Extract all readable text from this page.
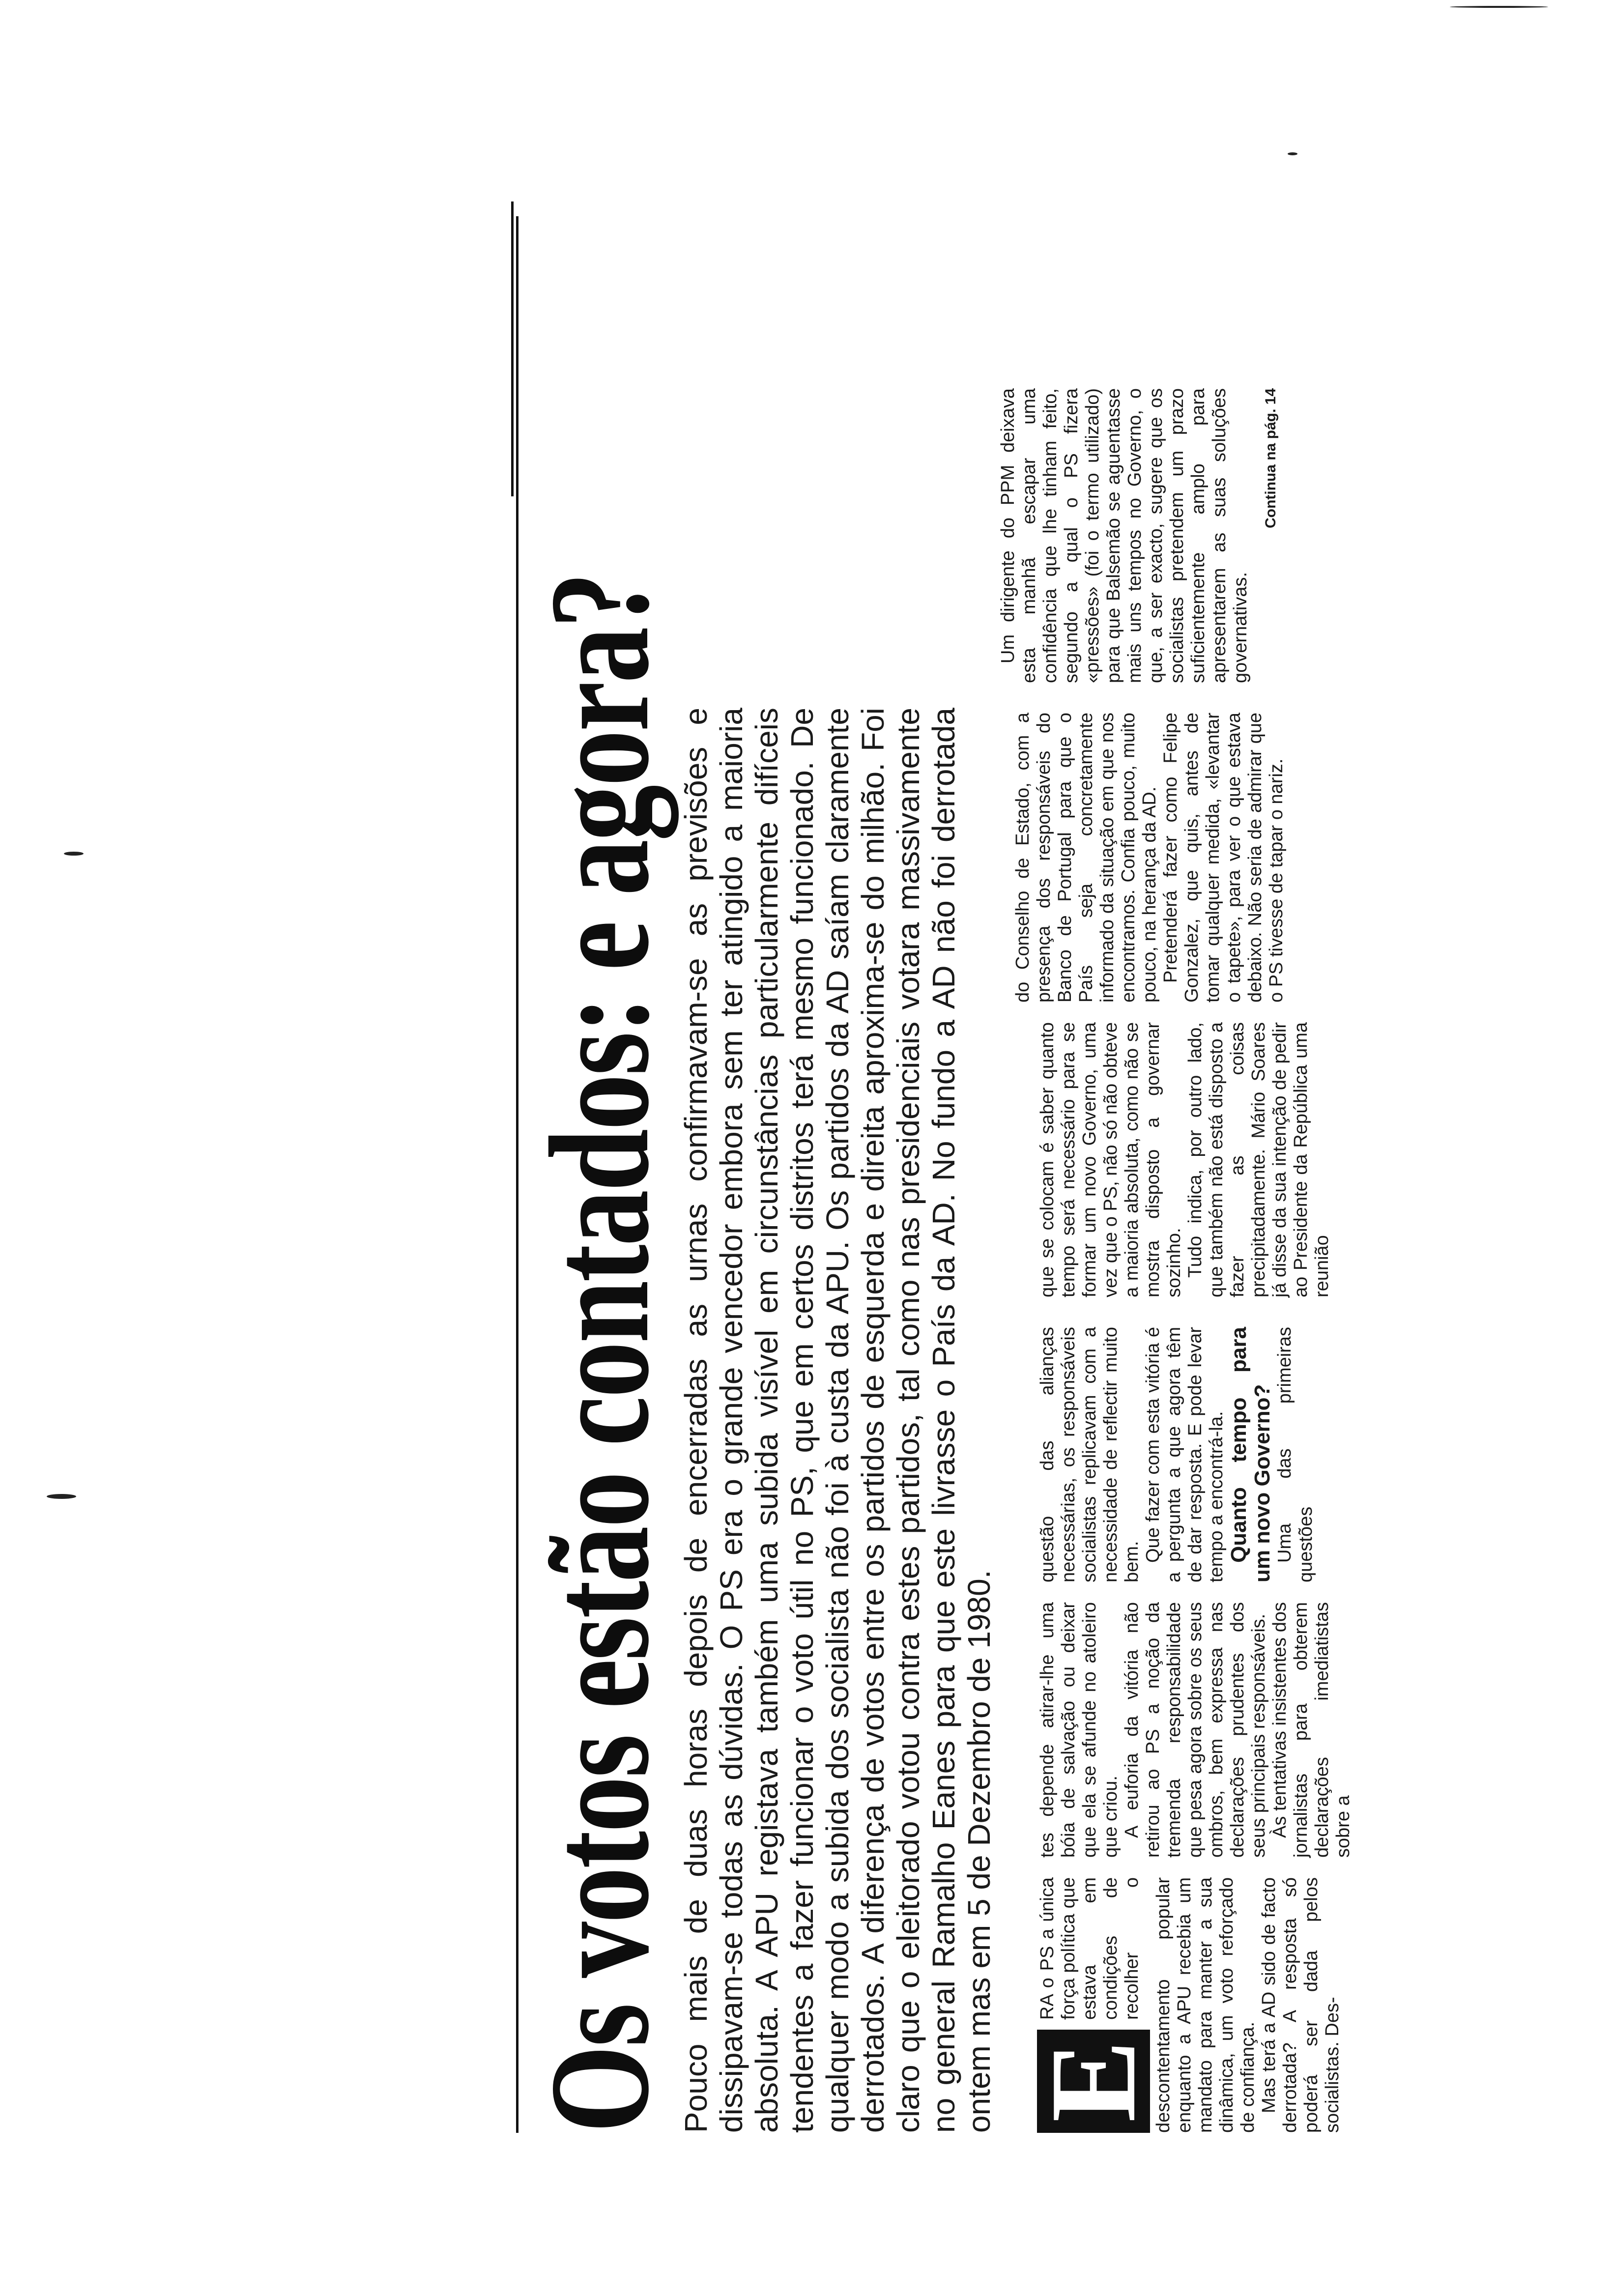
Os votos estão contados: e agora? Pouco mais de duas horas depois de encerradas as urnas confirmavam-se as previsões e dissipavam-se todas as dúvidas. O PS era o grande vencedor embora sem ter atingido a maioria absoluta. A APU registava também uma subida visível em circunstâncias particularmente difíceis tendentes a fazer funcionar o voto útil no PS, que em certos distritos terá mesmo funcionado. De qualquer modo a subida dos socialista não foi à custa da APU. Os partidos da AD saíam claramente derrotados. A diferença de votos entre os partidos de esquerda e direita aproxima-se do milhão. Foi claro que o eleitorado votou contra estes partidos, tal como nas presidenciais votara massivamente no general Ramalho Eanes para que este livrasse o País da AD. No fundo a AD não foi derrotada ontem mas em 5 de Dezembro de 1980. E

RA o PS a única força política que estava em condições de recolher o descontentamento popular enquanto a APU recebia um mandato para manter a sua dinâmica, um voto reforçado de confiança. Mas terá a AD sido de facto derrotada? A resposta só poderá ser dada pelos socialistas. Des-

tes depende atirar-lhe uma bóia de salvação ou deixar que ela se afunde no atoleiro que criou. A euforia da vitória não retirou ao PS a noção da tremenda responsabilidade que pesa agora sobre os seus ombros, bem expressa nas declarações prudentes dos seus principais responsáveis. Às tentativas insistentes dos jornalistas para obterem declarações imediatistas sobre a

questão das alianças necessárias, os responsáveis socialistas replicavam com a necessidade de reflectir muito bem. Que fazer com esta vitória é a pergunta a que agora têm de dar resposta. E pode levar tempo a encontrá-la. Quanto tempo para um novo Governo? Uma das primeiras questões

que se colocam é saber quanto tempo será necessário para se formar um novo Governo, uma vez que o PS, não só não obteve a maioria absoluta, como não se mostra disposto a governar sozinho. Tudo indica, por outro lado, que também não está disposto a fazer as coisas precipitadamente. Mário Soares já disse da sua intenção de pedir ao Presidente da República uma reunião

do Conselho de Estado, com a presença dos responsáveis do Banco de Portugal para que o País seja concretamente informado da situação em que nos encontramos. Confia pouco, muito pouco, na herança da AD. Pretenderá fazer como Felipe Gonzalez, que quis, antes de tomar qualquer medida, «levantar o tapete», para ver o que estava debaixo. Não seria de admirar que o PS tivesse de tapar o nariz.

Um dirigente do PPM deixava esta manhã escapar uma confidência que lhe tinham feito, segundo a qual o PS fizera «pressões» (foi o termo utilizado) para que Balsemão se aguentasse mais uns tempos no Governo, o que, a ser exacto, sugere que os socialistas pretendem um prazo suficientemente amplo para apresentarem as suas soluções governativas.

Continua na pág. 14
